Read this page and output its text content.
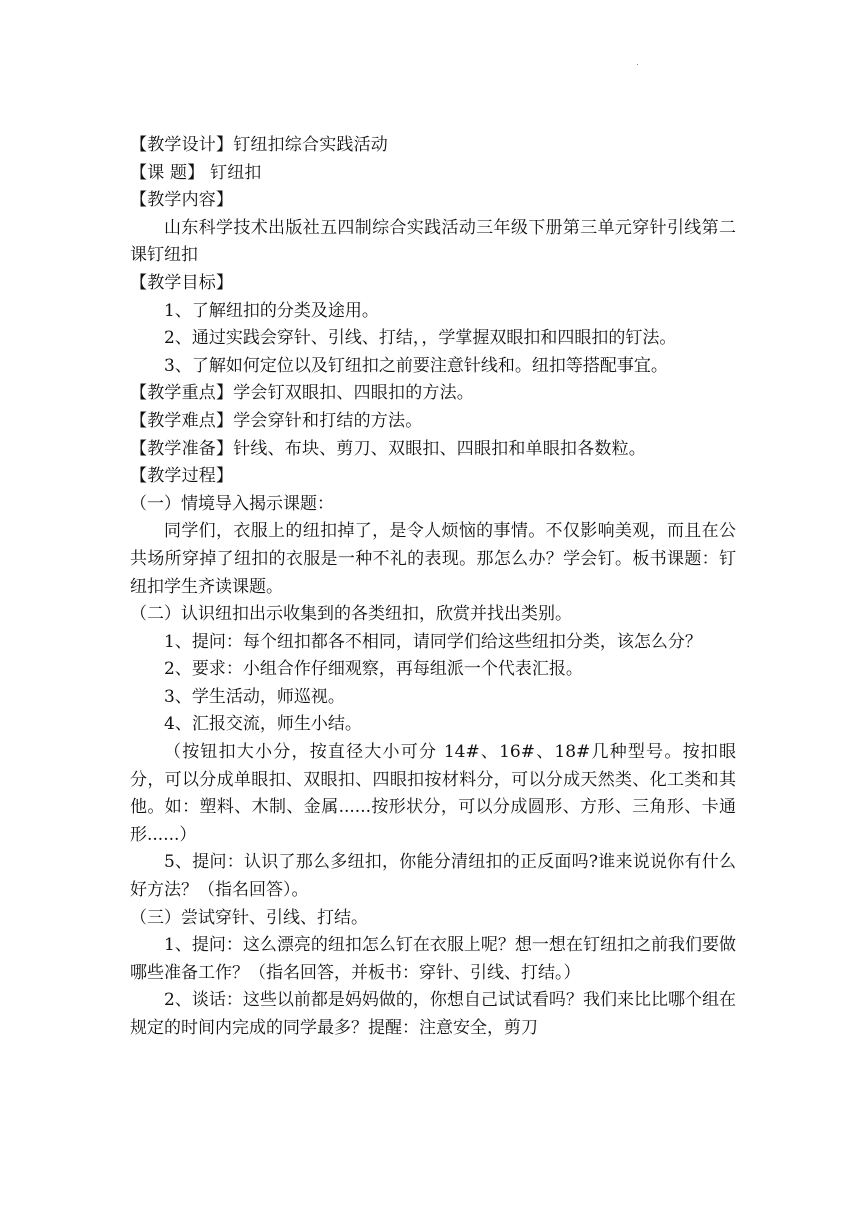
.
【教学设计】钉纽扣综合实践活动
【课 题】 钉纽扣
【教学内容】
山东科学技术出版社五四制综合实践活动三年级下册第三单元穿针引线第二课钉纽扣
【教学目标】
1、了解纽扣的分类及途用。
2、通过实践会穿针、引线、打结，，学掌握双眼扣和四眼扣的钉法。
3、了解如何定位以及钉纽扣之前要注意针线和。纽扣等搭配事宜。
【教学重点】学会钉双眼扣、四眼扣的方法。
【教学难点】学会穿针和打结的方法。
【教学准备】针线、布块、剪刀、双眼扣、四眼扣和单眼扣各数粒。
【教学过程】
（一）情境导入揭示课题：
同学们，衣服上的纽扣掉了，是令人烦恼的事情。不仅影响美观，而且在公共场所穿掉了纽扣的衣服是一种不礼的表现。那怎么办？学会钉。板书课题：钉纽扣学生齐读课题。
（二）认识纽扣出示收集到的各类纽扣，欣赏并找出类别。
1、提问：每个纽扣都各不相同，请同学们给这些纽扣分类，该怎么分？
2、要求：小组合作仔细观察，再每组派一个代表汇报。
3、学生活动，师巡视。
4、汇报交流，师生小结。
（按钮扣大小分，按直径大小可分 14#、16#、18#几种型号。按扣眼分，可以分成单眼扣、双眼扣、四眼扣按材料分，可以分成天然类、化工类和其他。如：塑料、木制、金属......按形状分，可以分成圆形、方形、三角形、卡通形......）
5、提问：认识了那么多纽扣，你能分清纽扣的正反面吗?谁来说说你有什么好方法？（指名回答）。
（三）尝试穿针、引线、打结。
1、提问：这么漂亮的纽扣怎么钉在衣服上呢？想一想在钉纽扣之前我们要做哪些准备工作？（指名回答，并板书：穿针、引线、打结。）
2、谈话：这些以前都是妈妈做的，你想自己试试看吗？我们来比比哪个组在规定的时间内完成的同学最多？提醒：注意安全，剪刀
